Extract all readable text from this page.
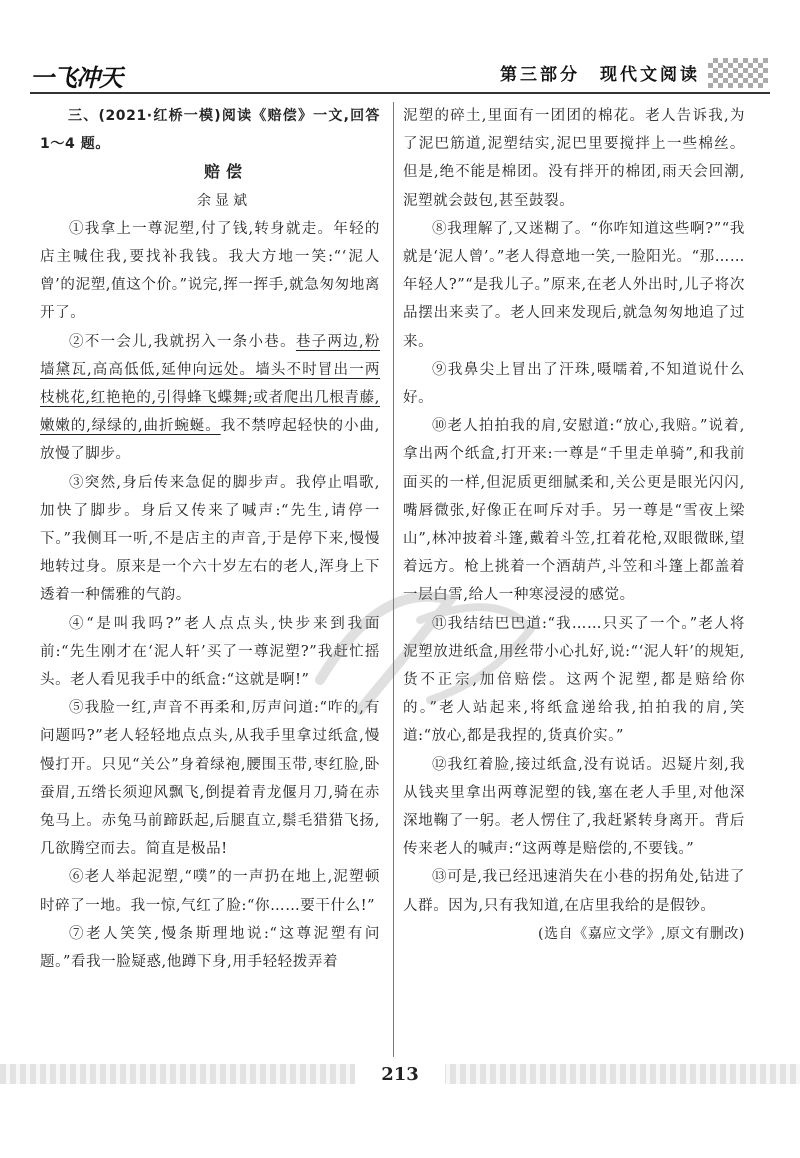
一飞冲天	第三部分　现代文阅读

三、(2021·红桥一模)阅读《赔偿》一文,回答 1～4 题。

赔偿

余显斌

①我拿上一尊泥塑,付了钱,转身就走。年轻的店主喊住我,要找补我钱。我大方地一笑:“‘泥人曾’的泥塑,值这个价。”说完,挥一挥手,就急匆匆地离开了。

②不一会儿,我就拐入一条小巷。巷子两边,粉墙黛瓦,高高低低,延伸向远处。墙头不时冒出一两枝桃花,红艳艳的,引得蜂飞蝶舞;或者爬出几根青藤,嫩嫩的,绿绿的,曲折蜿蜒。我不禁哼起轻快的小曲,放慢了脚步。

③突然,身后传来急促的脚步声。我停止唱歌,加快了脚步。身后又传来了喊声:“先生,请停一下。”我侧耳一听,不是店主的声音,于是停下来,慢慢地转过身。原来是一个六十岁左右的老人,浑身上下透着一种儒雅的气韵。

④“是叫我吗?”老人点点头,快步来到我面前:“先生刚才在‘泥人轩’买了一尊泥塑?”我赶忙摇头。老人看见我手中的纸盒:“这就是啊!”

⑤我脸一红,声音不再柔和,厉声问道:“咋的,有问题吗?”老人轻轻地点点头,从我手里拿过纸盒,慢慢打开。只见“关公”身着绿袍,腰围玉带,枣红脸,卧蚕眉,五绺长须迎风飘飞,倒提着青龙偃月刀,骑在赤兔马上。赤兔马前蹄跃起,后腿直立,鬃毛猎猎飞扬,几欲腾空而去。简直是极品!

⑥老人举起泥塑,“噗”的一声扔在地上,泥塑顿时碎了一地。我一惊,气红了脸:“你……要干什么!”

⑦老人笑笑,慢条斯理地说:“这尊泥塑有问题。”看我一脸疑惑,他蹲下身,用手轻轻拨弄着

泥塑的碎土,里面有一团团的棉花。老人告诉我,为了泥巴筋道,泥塑结实,泥巴里要搅拌上一些棉丝。但是,绝不能是棉团。没有拌开的棉团,雨天会回潮,泥塑就会鼓包,甚至鼓裂。

⑧我理解了,又迷糊了。“你咋知道这些啊?”“我就是‘泥人曾’。”老人得意地一笑,一脸阳光。“那……年轻人?”“是我儿子。”原来,在老人外出时,儿子将次品摆出来卖了。老人回来发现后,就急匆匆地追了过来。

⑨我鼻尖上冒出了汗珠,嗫嚅着,不知道说什么好。

⑩老人拍拍我的肩,安慰道:“放心,我赔。”说着,拿出两个纸盒,打开来:一尊是“千里走单骑”,和我前面买的一样,但泥质更细腻柔和,关公更是眼光闪闪,嘴唇微张,好像正在呵斥对手。另一尊是“雪夜上梁山”,林冲披着斗篷,戴着斗笠,扛着花枪,双眼微眯,望着远方。枪上挑着一个酒葫芦,斗笠和斗篷上都盖着一层白雪,给人一种寒浸浸的感觉。

⑪我结结巴巴道:“我……只买了一个。”老人将泥塑放进纸盒,用丝带小心扎好,说:“‘泥人轩’的规矩,货不正宗,加倍赔偿。这两个泥塑,都是赔给你的。”老人站起来,将纸盒递给我,拍拍我的肩,笑道:“放心,都是我捏的,货真价实。”

⑫我红着脸,接过纸盒,没有说话。迟疑片刻,我从钱夹里拿出两尊泥塑的钱,塞在老人手里,对他深深地鞠了一躬。老人愣住了,我赶紧转身离开。背后传来老人的喊声:“这两尊是赔偿的,不要钱。”

⑬可是,我已经迅速消失在小巷的拐角处,钻进了人群。因为,只有我知道,在店里我给的是假钞。

(选自《嘉应文学》,原文有删改)

213
